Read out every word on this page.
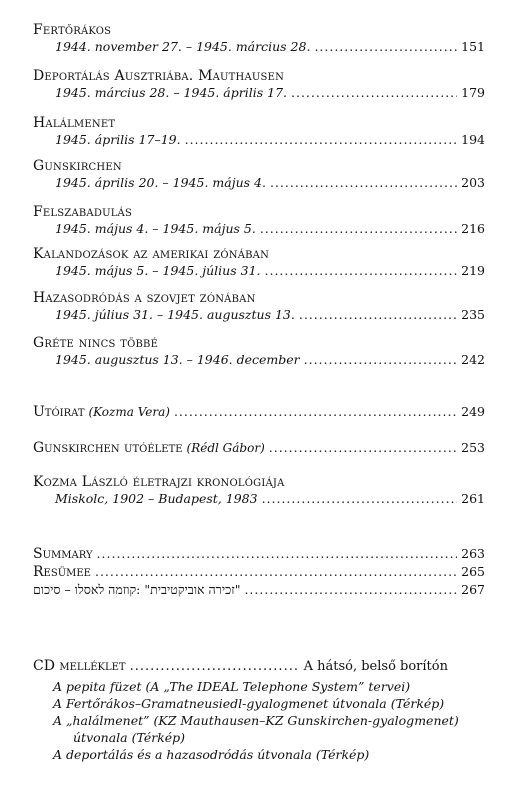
Fertőrákos
1944. november 27. – 1945. március 28. .....	151
Deportálás Ausztriába. Mauthausen
1945. március 28. – 1945. április 17. .....	179
Halálmenet
1945. április 17–19. .....	194
Gunskirchen
1945. április 20. – 1945. május 4. .....	203
Felszabadulás
1945. május 4. – 1945. május 5. .....	216
Kalandozások az amerikai zónában
1945. május 5. – 1945. július 31. .....	219
Hazasodródás a szovjet zónában
1945. július 31. – 1945. augusztus 13. .....	235
Gréte nincs többé
1945. augusztus 13. – 1946. december .....	242
Utóirat (Kozma Vera) .....	249
Gunskirchen utóélete (Rédl Gábor) .....	253
Kozma László életrajzi kronológiája
Miskolc, 1902 – Budapest, 1983 .....	261
Summary .....	263
Resümee .....	265
"זכירה אוביקטיבית" :קוזמה לאסלו – סיכום .....	267
CD melléklet .....	A hátsó, belső borítón
A pepita füzet (A „The IDEAL Telephone System” tervei)
A Fertőrákos–Gramatneusiedl-gyalogmenet útvonala (Térkép)
A „halálmenet” (KZ Mauthausen–KZ Gunskirchen-gyalogmenet)
útvonala (Térkép)
A deportálás és a hazasodródás útvonala (Térkép)
